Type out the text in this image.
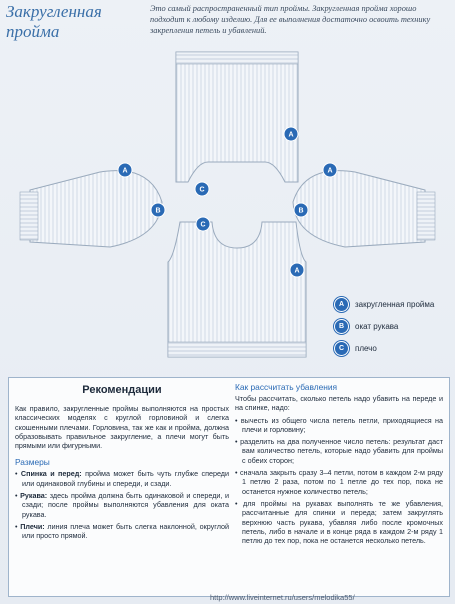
Закругленная
пройма
Это самый распространенный тип проймы. Закругленная пройма хорошо подходит к любому изделию. Для ее выполнения достаточно освоить технику закрепления петель и убавлений.
A
C
A
B
A
B
C
A
A	закругленная пройма
B	окат рукава
C	плечо
Рекомендации

Как правило, закругленные проймы выполняются на простых классических моделях с круглой горловиной и слегка скошенными плечами. Горловина, так же как и пройма, должна образовывать правильное закругление, а плечи могут быть прямыми или фигурными.

Размеры

• Спинка и перед: пройма может быть чуть глубже спереди или одинаковой глубины и спереди, и сзади.

• Рукава: здесь пройма должна быть одинаковой и спереди, и сзади; после проймы выполняются убавления для оката рукава.

• Плечи: линия плеча может быть слегка наклонной, округлой или просто прямой.

Как рассчитать убавления

Чтобы рассчитать, сколько петель надо убавить на переде и на спинке, надо:

• вычесть из общего числа петель петли, приходящиеся на плечи и горловину;

• разделить на два полученное число петель: результат даст вам количество петель, которые надо убавить для проймы с обеих сторон;

• сначала закрыть сразу 3–4 петли, потом в каждом 2-м ряду 1 петлю 2 раза, потом по 1 петле до тех пор, пока не останется нужное количество петель;

• для проймы на рукавах выполнять те же убавления, рассчитанные для спинки и переда; затем закруглять верхнюю часть рукава, убавляя либо после кромочных петель, либо в начале и в конце ряда в каждом 2-м ряду 1 петлю до тех пор, пока не останется несколько петель.

http://www.liveinternet.ru/users/melodika55/
